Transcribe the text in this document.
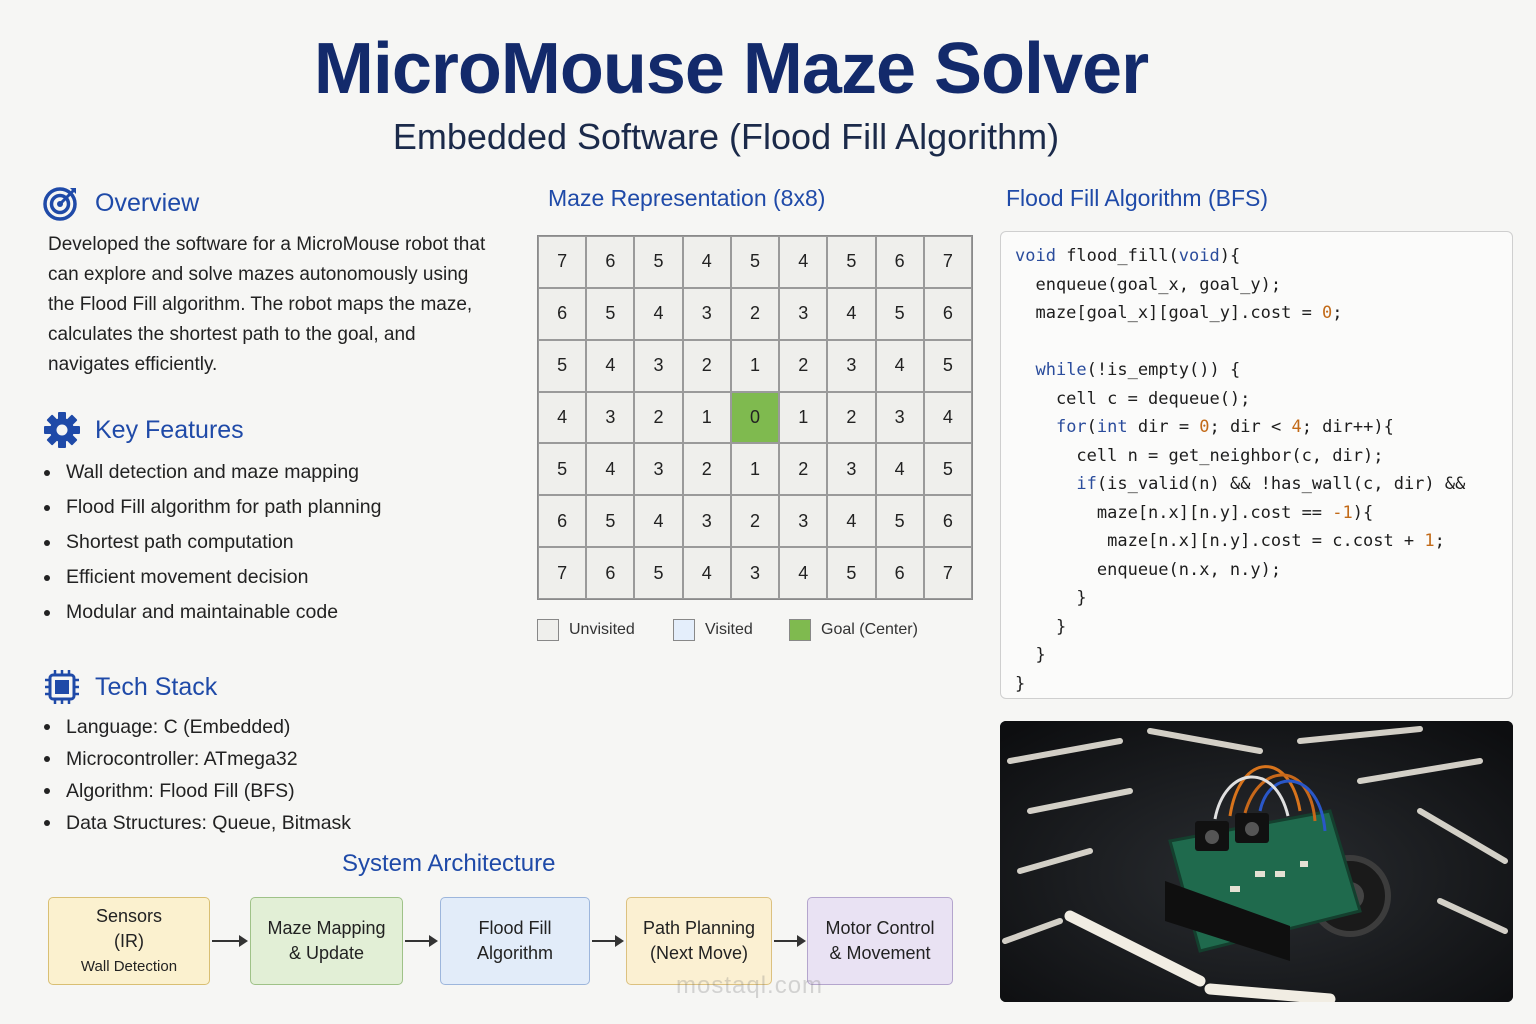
MicroMouse Maze Solver
Embedded Software (Flood Fill Algorithm)
Overview
Developed the software for a MicroMouse robot that can explore and solve mazes autonomously using the Flood Fill algorithm. The robot maps the maze, calculates the shortest path to the goal, and navigates efficiently.
Key Features
Wall detection and maze mapping
Flood Fill algorithm for path planning
Shortest path computation
Efficient movement decision
Modular and maintainable code
Tech Stack
Language: C (Embedded)
Microcontroller: ATmega32
Algorithm: Flood Fill (BFS)
Data Structures: Queue, Bitmask
Maze Representation (8x8)
7	6	5	4	5	4	5	6	7
6	5	4	3	2	3	4	5	6
5	4	3	2	1	2	3	4	5
4	3	2	1	0	1	2	3	4
5	4	3	2	1	2	3	4	5
6	5	4	3	2	3	4	5	6
7	6	5	4	3	4	5	6	7
Unvisited	Visited	Goal (Center)
Flood Fill Algorithm (BFS)
void flood_fill(void){
enqueue(goal_x, goal_y);
maze[goal_x][goal_y].cost = 0;
while(!is_empty()) {
cell c = dequeue();
for(int dir = 0; dir < 4; dir++){
cell n = get_neighbor(c, dir);
if(is_valid(n) && !has_wall(c, dir) &&
maze[n.x][n.y].cost == -1){
maze[n.x][n.y].cost = c.cost + 1;
enqueue(n.x, n.y);
}
}
}
}
System Architecture
Sensors
(IR)
Wall Detection
Maze Mapping
& Update
Flood Fill
Algorithm
Path Planning
(Next Move)
Motor Control
& Movement
mostaql.com
